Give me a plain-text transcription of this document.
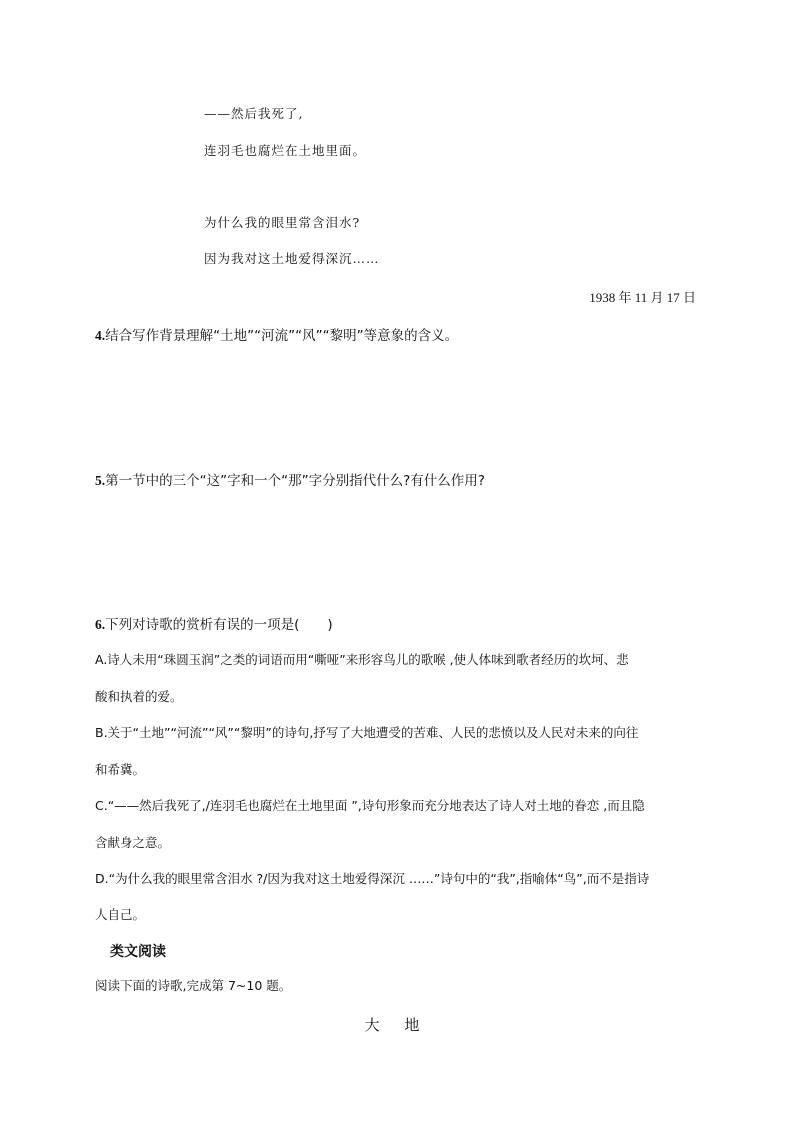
——然后我死了,
连羽毛也腐烂在土地里面。
为什么我的眼里常含泪水?
因为我对这土地爱得深沉……
1938 年 11 月 17 日
4.结合写作背景理解“土地”“河流”“风”“黎明”等意象的含义。
5.第一节中的三个“这”字和一个“那”字分别指代什么?有什么作用?
6.下列对诗歌的赏析有误的一项是( )
A.诗人未用“珠圆玉润”之类的词语而用“嘶哑”来形容鸟儿的歌喉 ,使人体味到歌者经历的坎坷、悲
酸和执着的爱。
B.关于“土地”“河流”“风”“黎明”的诗句,抒写了大地遭受的苦难、人民的悲愤以及人民对未来的向往
和希冀。
C.“——然后我死了,/连羽毛也腐烂在土地里面 ”,诗句形象而充分地表达了诗人对土地的眷恋 ,而且隐
含献身之意。
D.“为什么我的眼里常含泪水 ?/因为我对这土地爱得深沉 ……”诗句中的“我”,指喻体“鸟”,而不是指诗
人自己。
类文阅读
阅读下面的诗歌,完成第 7~10 题。
大 地
